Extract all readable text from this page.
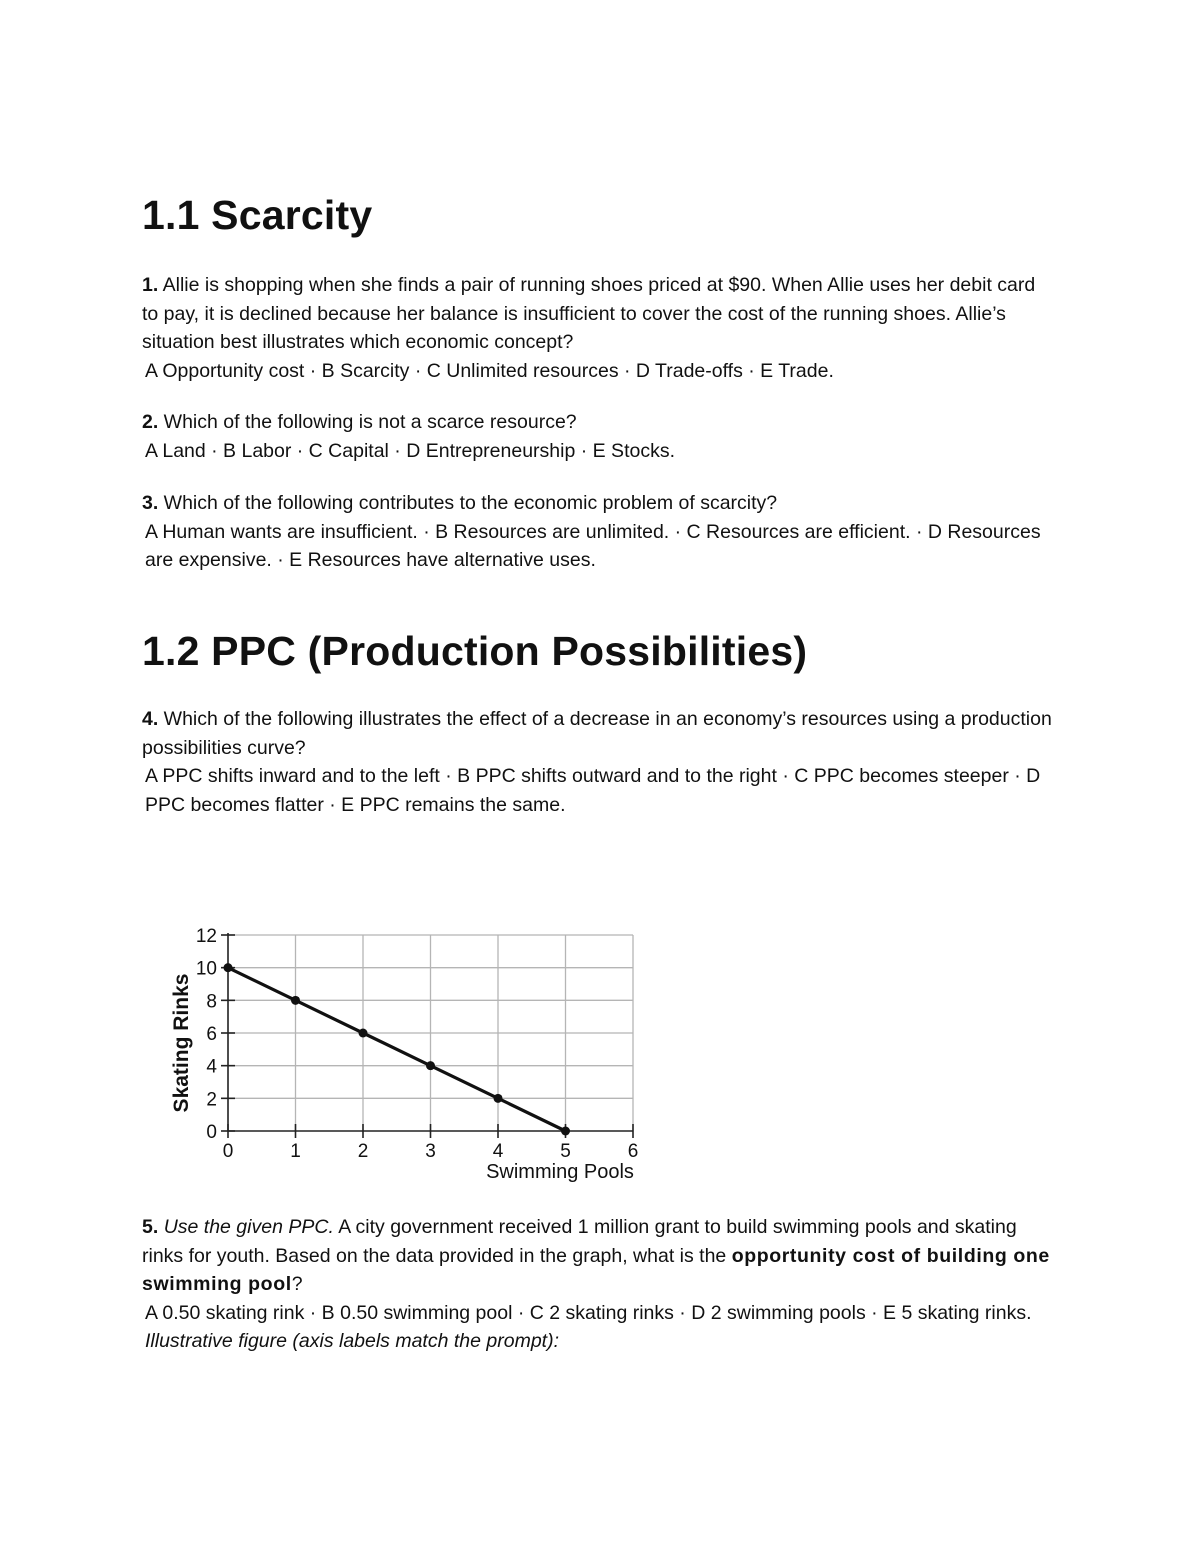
1.1 Scarcity

1. Allie is shopping when she finds a pair of running shoes priced at $90. When Allie uses her debit card to pay, it is declined because her balance is insufficient to cover the cost of the running shoes. Allie’s situation best illustrates which economic concept?
A Opportunity cost · B Scarcity · C Unlimited resources · D Trade-offs · E Trade.

2. Which of the following is not a scarce resource?
A Land · B Labor · C Capital · D Entrepreneurship · E Stocks.

3. Which of the following contributes to the economic problem of scarcity?
A Human wants are insufficient. · B Resources are unlimited. · C Resources are efficient. · D Resources are expensive. · E Resources have alternative uses.

1.2 PPC (Production Possibilities)

4. Which of the following illustrates the effect of a decrease in an economy’s resources using a production possibilities curve?
A PPC shifts inward and to the left · B PPC shifts outward and to the right · C PPC becomes steeper · D PPC becomes flatter · E PPC remains the same.

0	1	2	3	4	5	6
0
2
4
6
8
10
12
Swimming Pools
Skating Rinks

5. Use the given PPC. A city government received 1 million grant to build swimming pools and skating rinks for youth. Based on the data provided in the graph, what is the opportunity cost of building one swimming pool?
A 0.50 skating rink · B 0.50 swimming pool · C 2 skating rinks · D 2 swimming pools · E 5 skating rinks.
Illustrative figure (axis labels match the prompt):
